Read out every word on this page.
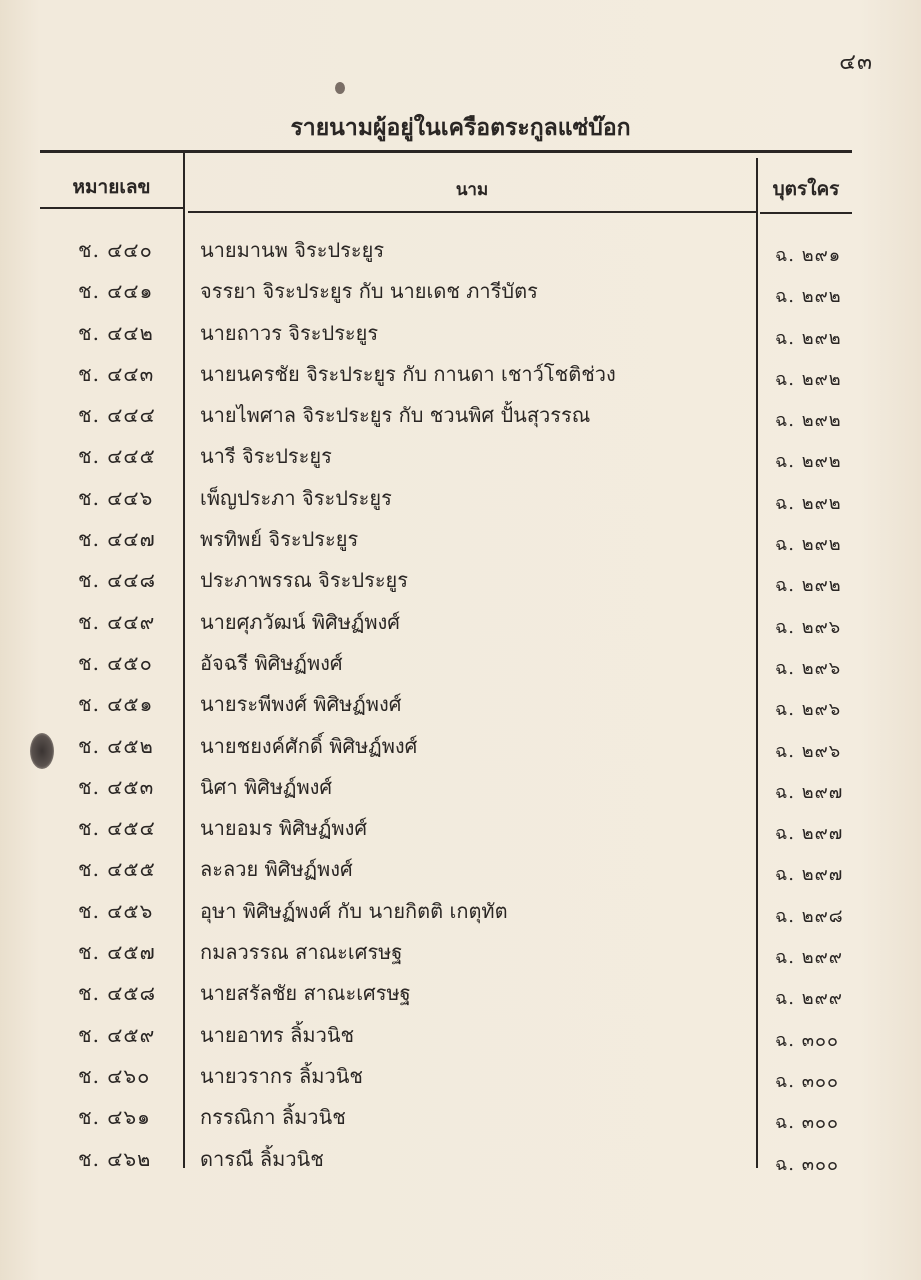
๔๓
รายนามผู้อยู่ในเครือตระกูลแซ่บ๊อก
หมายเลข	นาม	บุตรใคร
ช. ๔๔๐ นายมานพ จิระประยูร	ฉ. ๒๙๑
ช. ๔๔๑ จรรยา จิระประยูร กับ นายเดช ภารีบัตร	ฉ. ๒๙๒
ช. ๔๔๒ นายถาวร จิระประยูร	ฉ. ๒๙๒
ช. ๔๔๓ นายนครชัย จิระประยูร กับ กานดา เชาว์โชติช่วง	ฉ. ๒๙๒
ช. ๔๔๔ นายไพศาล จิระประยูร กับ ชวนพิศ ปั้นสุวรรณ	ฉ. ๒๙๒
ช. ๔๔๕ นารี จิระประยูร	ฉ. ๒๙๒
ช. ๔๔๖ เพ็ญประภา จิระประยูร	ฉ. ๒๙๒
ช. ๔๔๗ พรทิพย์ จิระประยูร	ฉ. ๒๙๒
ช. ๔๔๘ ประภาพรรณ จิระประยูร	ฉ. ๒๙๒
ช. ๔๔๙ นายศุภวัฒน์ พิศิษฏ์พงศ์	ฉ. ๒๙๖
ช. ๔๕๐ อัจฉรี พิศิษฏ์พงศ์	ฉ. ๒๙๖
ช. ๔๕๑ นายระพีพงศ์ พิศิษฏ์พงศ์	ฉ. ๒๙๖
ช. ๔๕๒ นายชยงค์ศักดิ์ พิศิษฏ์พงศ์	ฉ. ๒๙๖
ช. ๔๕๓ นิศา พิศิษฏ์พงศ์	ฉ. ๒๙๗
ช. ๔๕๔ นายอมร พิศิษฏ์พงศ์	ฉ. ๒๙๗
ช. ๔๕๕ ละลวย พิศิษฏ์พงศ์	ฉ. ๒๙๗
ช. ๔๕๖ อุษา พิศิษฏ์พงศ์ กับ นายกิตติ เกตุทัต	ฉ. ๒๙๘
ช. ๔๕๗ กมลวรรณ สาณะเศรษฐ	ฉ. ๒๙๙
ช. ๔๕๘ นายสรัลชัย สาณะเศรษฐ	ฉ. ๒๙๙
ช. ๔๕๙ นายอาทร ลิ้มวนิช	ฉ. ๓๐๐
ช. ๔๖๐ นายวรากร ลิ้มวนิช	ฉ. ๓๐๐
ช. ๔๖๑ กรรณิกา ลิ้มวนิช	ฉ. ๓๐๐
ช. ๔๖๒ ดารณี ลิ้มวนิช	ฉ. ๓๐๐
